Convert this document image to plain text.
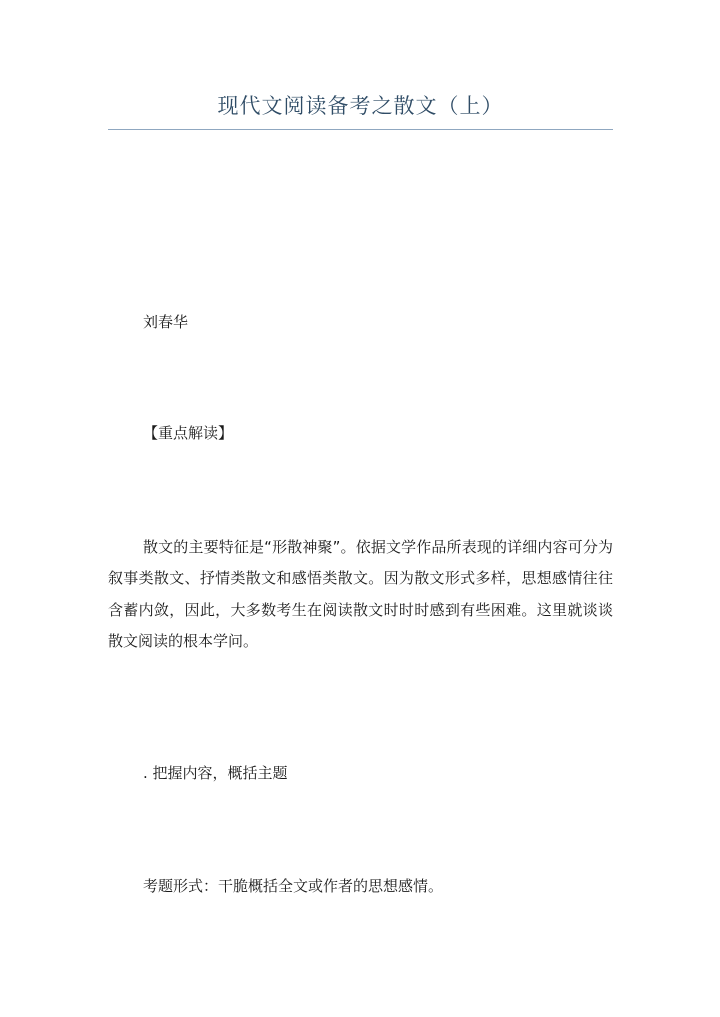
现代文阅读备考之散文（上）
刘春华
【重点解读】
散文的主要特征是“形散神聚”。依据文学作品所表现的详细内容可分为叙事类散文、抒情类散文和感悟类散文。因为散文形式多样，思想感情往往含蓄内敛，因此，大多数考生在阅读散文时时时感到有些困难。这里就谈谈散文阅读的根本学问。
. 把握内容，概括主题
考题形式：干脆概括全文或作者的思想感情。
